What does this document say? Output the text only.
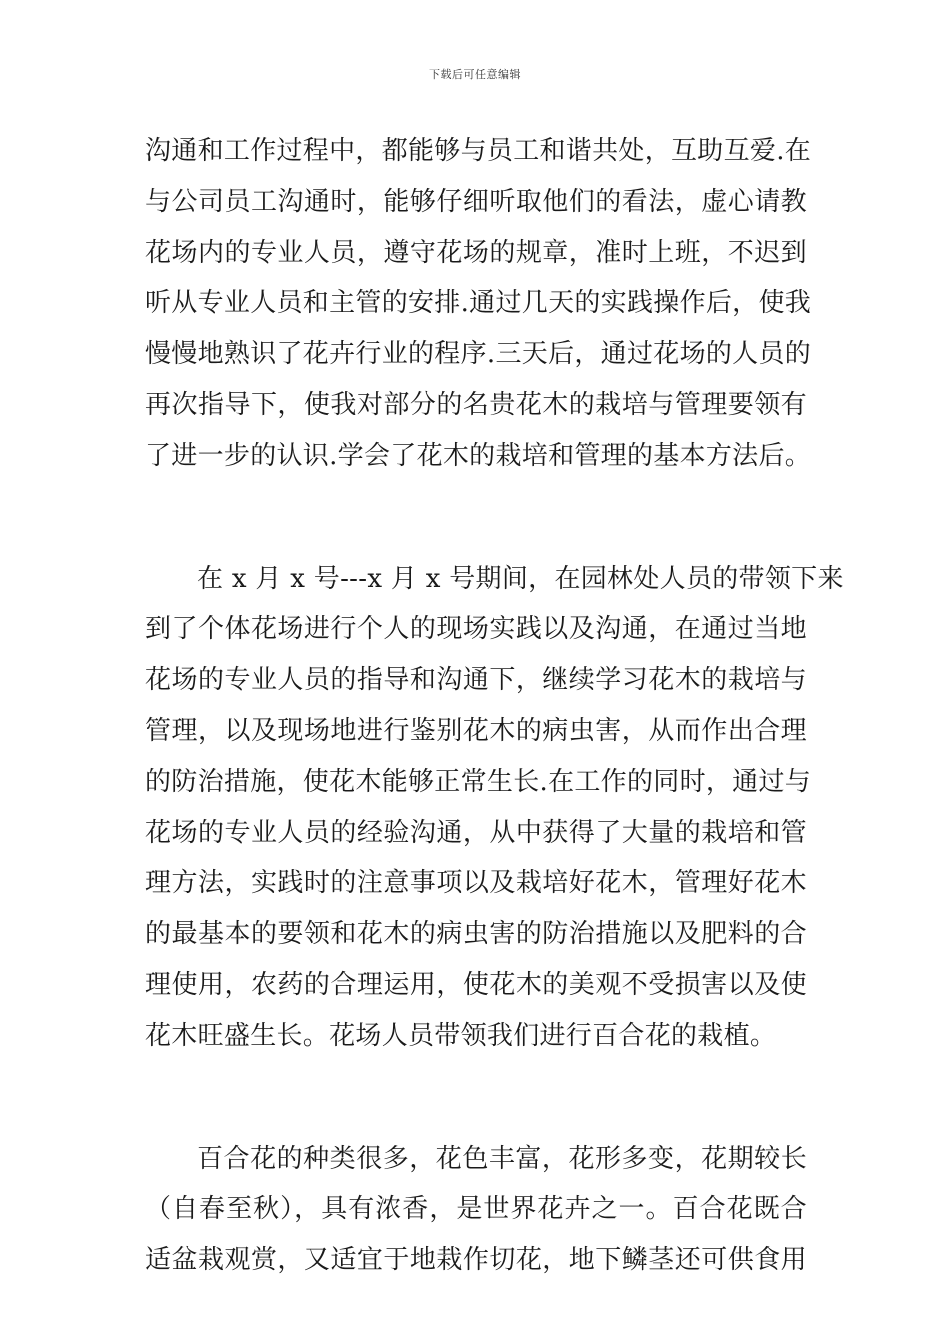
下载后可任意编辑
沟通和工作过程中，都能够与员工和谐共处，互助互爱.在
与公司员工沟通时，能够仔细听取他们的看法，虚心请教
花场内的专业人员，遵守花场的规章，准时上班，不迟到
听从专业人员和主管的安排.通过几天的实践操作后，使我
慢慢地熟识了花卉行业的程序.三天后，通过花场的人员的
再次指导下，使我对部分的名贵花木的栽培与管理要领有
了进一步的认识.学会了花木的栽培和管理的基本方法后。
在 x 月 x 号---x 月 x 号期间，在园林处人员的带领下来
到了个体花场进行个人的现场实践以及沟通，在通过当地
花场的专业人员的指导和沟通下，继续学习花木的栽培与
管理，以及现场地进行鉴别花木的病虫害，从而作出合理
的防治措施，使花木能够正常生长.在工作的同时，通过与
花场的专业人员的经验沟通，从中获得了大量的栽培和管
理方法，实践时的注意事项以及栽培好花木，管理好花木
的最基本的要领和花木的病虫害的防治措施以及肥料的合
理使用，农药的合理运用，使花木的美观不受损害以及使
花木旺盛生长。花场人员带领我们进行百合花的栽植。
百合花的种类很多，花色丰富，花形多变，花期较长
（自春至秋），具有浓香，是世界花卉之一。百合花既合
适盆栽观赏，又适宜于地栽作切花，地下鳞茎还可供食用
